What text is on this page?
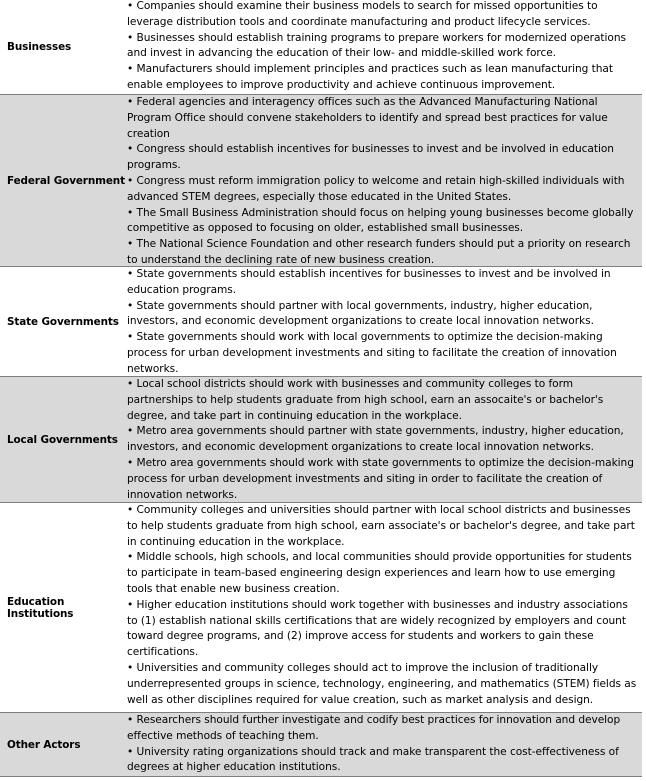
Businesses
• Companies should examine their business models to search for missed opportunities to leverage distribution tools and coordinate manufacturing and product lifecycle services.
• Businesses should establish training programs to prepare workers for modernized operations and invest in advancing the education of their low- and middle-skilled work force.
• Manufacturers should implement principles and practices such as lean manufacturing that enable employees to improve productivity and achieve continuous improvement.
Federal Government
• Federal agencies and interagency offices such as the Advanced Manufacturing National Program Office should convene stakeholders to identify and spread best practices for value creation
• Congress should establish incentives for businesses to invest and be involved in education programs.
• Congress must reform immigration policy to welcome and retain high-skilled individuals with advanced STEM degrees, especially those educated in the United States.
• The Small Business Administration should focus on helping young businesses become globally competitive as opposed to focusing on older, established small businesses.
• The National Science Foundation and other research funders should put a priority on research to understand the declining rate of new business creation.
State Governments
• State governments should establish incentives for businesses to invest and be involved in education programs.
• State governments should partner with local governments, industry, higher education, investors, and economic development organizations to create local innovation networks.
• State governments should work with local governments to optimize the decision-making process for urban development investments and siting to facilitate the creation of innovation networks.
Local Governments
• Local school districts should work with businesses and community colleges to form partnerships to help students graduate from high school, earn an assocaite's or bachelor's degree, and take part in continuing education in the workplace.
• Metro area governments should partner with state governments, industry, higher education, investors, and economic development organizations to create local innovation networks.
• Metro area governments should work with state governments to optimize the decision-making process for urban development investments and siting in order to facilitate the creation of innovation networks.
Education Institutions
• Community colleges and universities should partner with local school districts and businesses to help students graduate from high school, earn associate's or bachelor's degree, and take part in continuing education in the workplace.
• Middle schools, high schools, and local communities should provide opportunities for students to participate in team-based engineering design experiences and learn how to use emerging tools that enable new business creation.
• Higher education institutions should work together with businesses and industry associations to (1) establish national skills certifications that are widely recognized by employers and count toward degree programs, and (2) improve access for students and workers to gain these certifications.
• Universities and community colleges should act to improve the inclusion of traditionally underrepresented groups in science, technology, engineering, and mathematics (STEM) fields as well as other disciplines required for value creation, such as market analysis and design.
Other Actors
• Researchers should further investigate and codify best practices for innovation and develop effective methods of teaching them.
• University rating organizations should track and make transparent the cost-effectiveness of degrees at higher education institutions.
